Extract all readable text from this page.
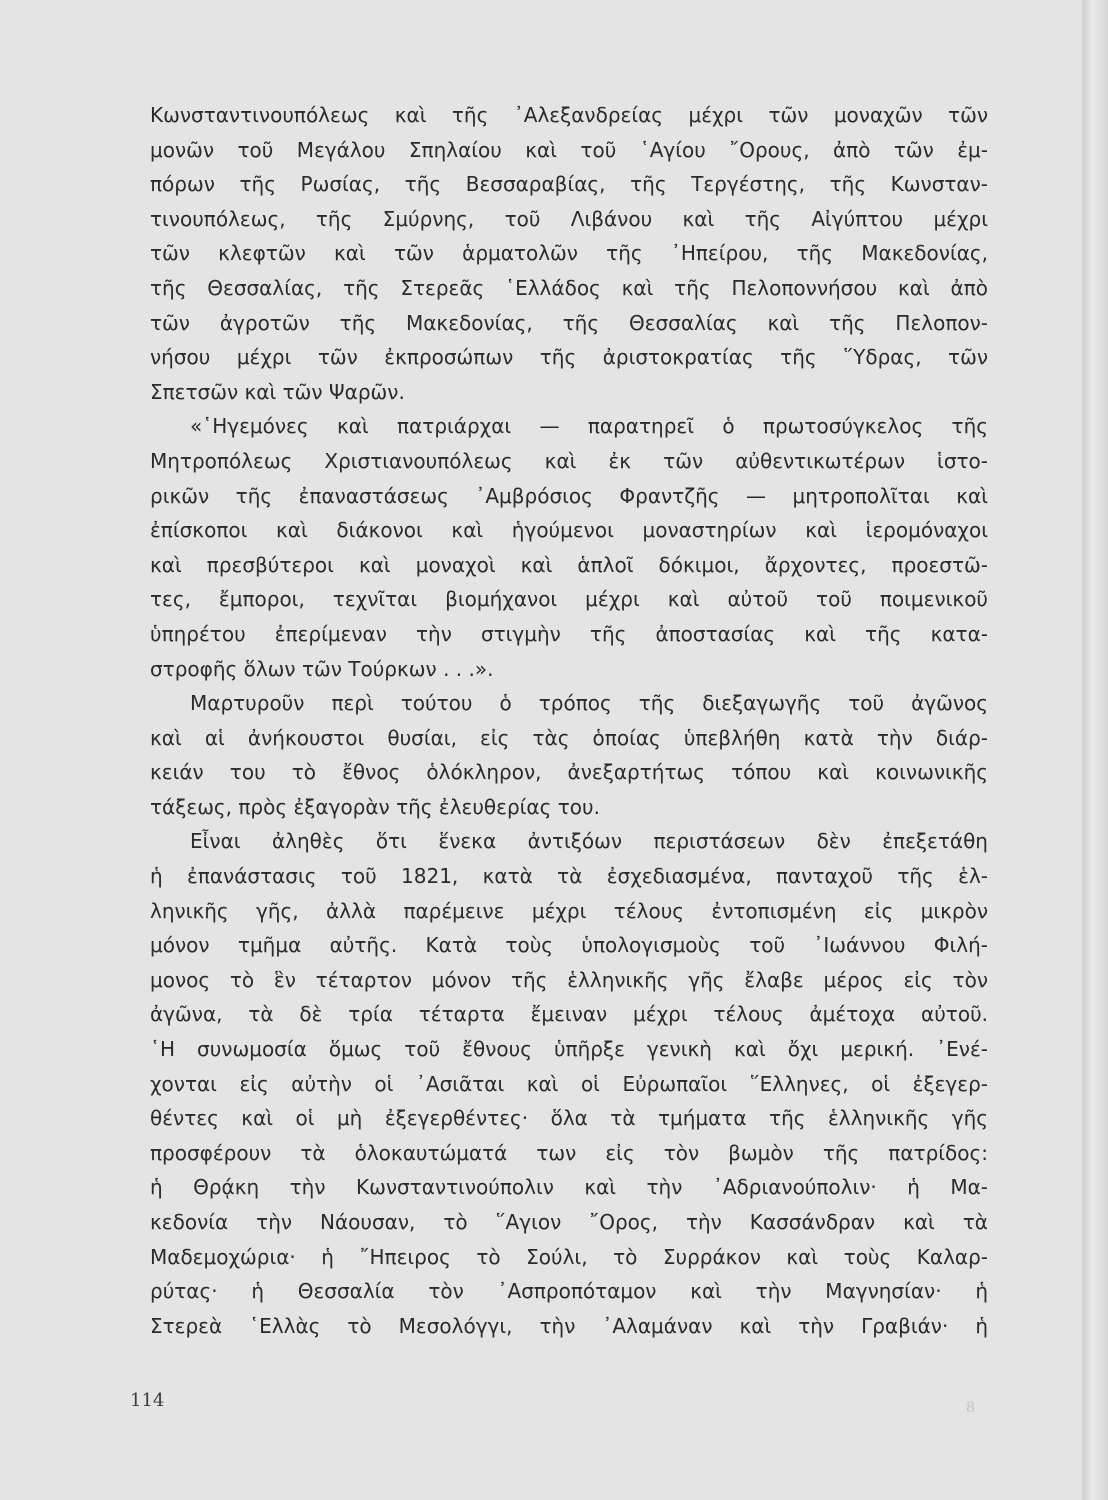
Κωνσταντινουπόλεως καὶ τῆς ᾿Αλεξανδρείας μέχρι τῶν μοναχῶν τῶν
μονῶν τοῦ Μεγάλου Σπηλαίου καὶ τοῦ ῾Αγίου ῎Ορους, ἀπὸ τῶν ἐμ-
πόρων τῆς Ρωσίας, τῆς Βεσσαραβίας, τῆς Τεργέστης, τῆς Κωνσταν-
τινουπόλεως, τῆς Σμύρνης, τοῦ Λιβάνου καὶ τῆς Αἰγύπτου μέχρι
τῶν κλεφτῶν καὶ τῶν ἁρματολῶν τῆς ᾿Ηπείρου, τῆς Μακεδονίας,
τῆς Θεσσαλίας, τῆς Στερεᾶς ῾Ελλάδος καὶ τῆς Πελοποννήσου καὶ ἀπὸ
τῶν ἀγροτῶν τῆς Μακεδονίας, τῆς Θεσσαλίας καὶ τῆς Πελοπον-
νήσου μέχρι τῶν ἐκπροσώπων τῆς ἀριστοκρατίας τῆς ῞Υδρας, τῶν
Σπετσῶν καὶ τῶν Ψαρῶν.
«῾Ηγεμόνες καὶ πατριάρχαι — παρατηρεῖ ὁ πρωτοσύγκελος τῆς
Μητροπόλεως Χριστιανουπόλεως καὶ ἐκ τῶν αὐθεντικωτέρων ἱστο-
ρικῶν τῆς ἐπαναστάσεως ᾿Αμβρόσιος Φραντζῆς — μητροπολῖται καὶ
ἐπίσκοποι καὶ διάκονοι καὶ ἡγούμενοι μοναστηρίων καὶ ἱερομόναχοι
καὶ πρεσβύτεροι καὶ μοναχοὶ καὶ ἁπλοῖ δόκιμοι, ἄρχοντες, προεστῶ-
τες, ἔμποροι, τεχνῖται βιομήχανοι μέχρι καὶ αὐτοῦ τοῦ ποιμενικοῦ
ὑπηρέτου ἐπερίμεναν τὴν στιγμὴν τῆς ἀποστασίας καὶ τῆς κατα-
στροφῆς ὅλων τῶν Τούρκων . . .».
Μαρτυροῦν περὶ τούτου ὁ τρόπος τῆς διεξαγωγῆς τοῦ ἀγῶνος
καὶ αἱ ἀνήκουστοι θυσίαι, εἰς τὰς ὁποίας ὑπεβλήθη κατὰ τὴν διάρ-
κειάν του τὸ ἔθνος ὁλόκληρον, ἀνεξαρτήτως τόπου καὶ κοινωνικῆς
τάξεως, πρὸς ἐξαγορὰν τῆς ἐλευθερίας του.
Εἶναι ἀληθὲς ὅτι ἕνεκα ἀντιξόων περιστάσεων δὲν ἐπεξετάθη
ἡ ἐπανάστασις τοῦ 1821, κατὰ τὰ ἐσχεδιασμένα, πανταχοῦ τῆς ἑλ-
ληνικῆς γῆς, ἀλλὰ παρέμεινε μέχρι τέλους ἐντοπισμένη εἰς μικρὸν
μόνον τμῆμα αὐτῆς. Κατὰ τοὺς ὑπολογισμοὺς τοῦ ᾿Ιωάννου Φιλή-
μονος τὸ ἓν τέταρτον μόνον τῆς ἑλληνικῆς γῆς ἔλαβε μέρος εἰς τὸν
ἀγῶνα, τὰ δὲ τρία τέταρτα ἔμειναν μέχρι τέλους ἀμέτοχα αὐτοῦ.
῾Η συνωμοσία ὅμως τοῦ ἔθνους ὑπῆρξε γενικὴ καὶ ὄχι μερική. ᾿Ενέ-
χονται εἰς αὐτὴν οἱ ᾿Ασιᾶται καὶ οἱ Εὐρωπαῖοι ῞Ελληνες, οἱ ἐξεγερ-
θέντες καὶ οἱ μὴ ἐξεγερθέντες· ὅλα τὰ τμήματα τῆς ἑλληνικῆς γῆς
προσφέρουν τὰ ὁλοκαυτώματά των εἰς τὸν βωμὸν τῆς πατρίδος:
ἡ Θρᾴκη τὴν Κωνσταντινούπολιν καὶ τὴν ᾿Αδριανούπολιν· ἡ Μα-
κεδονία τὴν Νάουσαν, τὸ ῞Αγιον ῎Ορος, τὴν Κασσάνδραν καὶ τὰ
Μαδεμοχώρια· ἡ ῎Ηπειρος τὸ Σούλι, τὸ Συρράκον καὶ τοὺς Καλαρ-
ρύτας· ἡ Θεσσαλία τὸν ᾿Ασπροπόταμον καὶ τὴν Μαγνησίαν· ἡ
Στερεὰ ῾Ελλὰς τὸ Μεσολόγγι, τὴν ᾿Αλαμάναν καὶ τὴν Γραβιάν· ἡ
114	8
